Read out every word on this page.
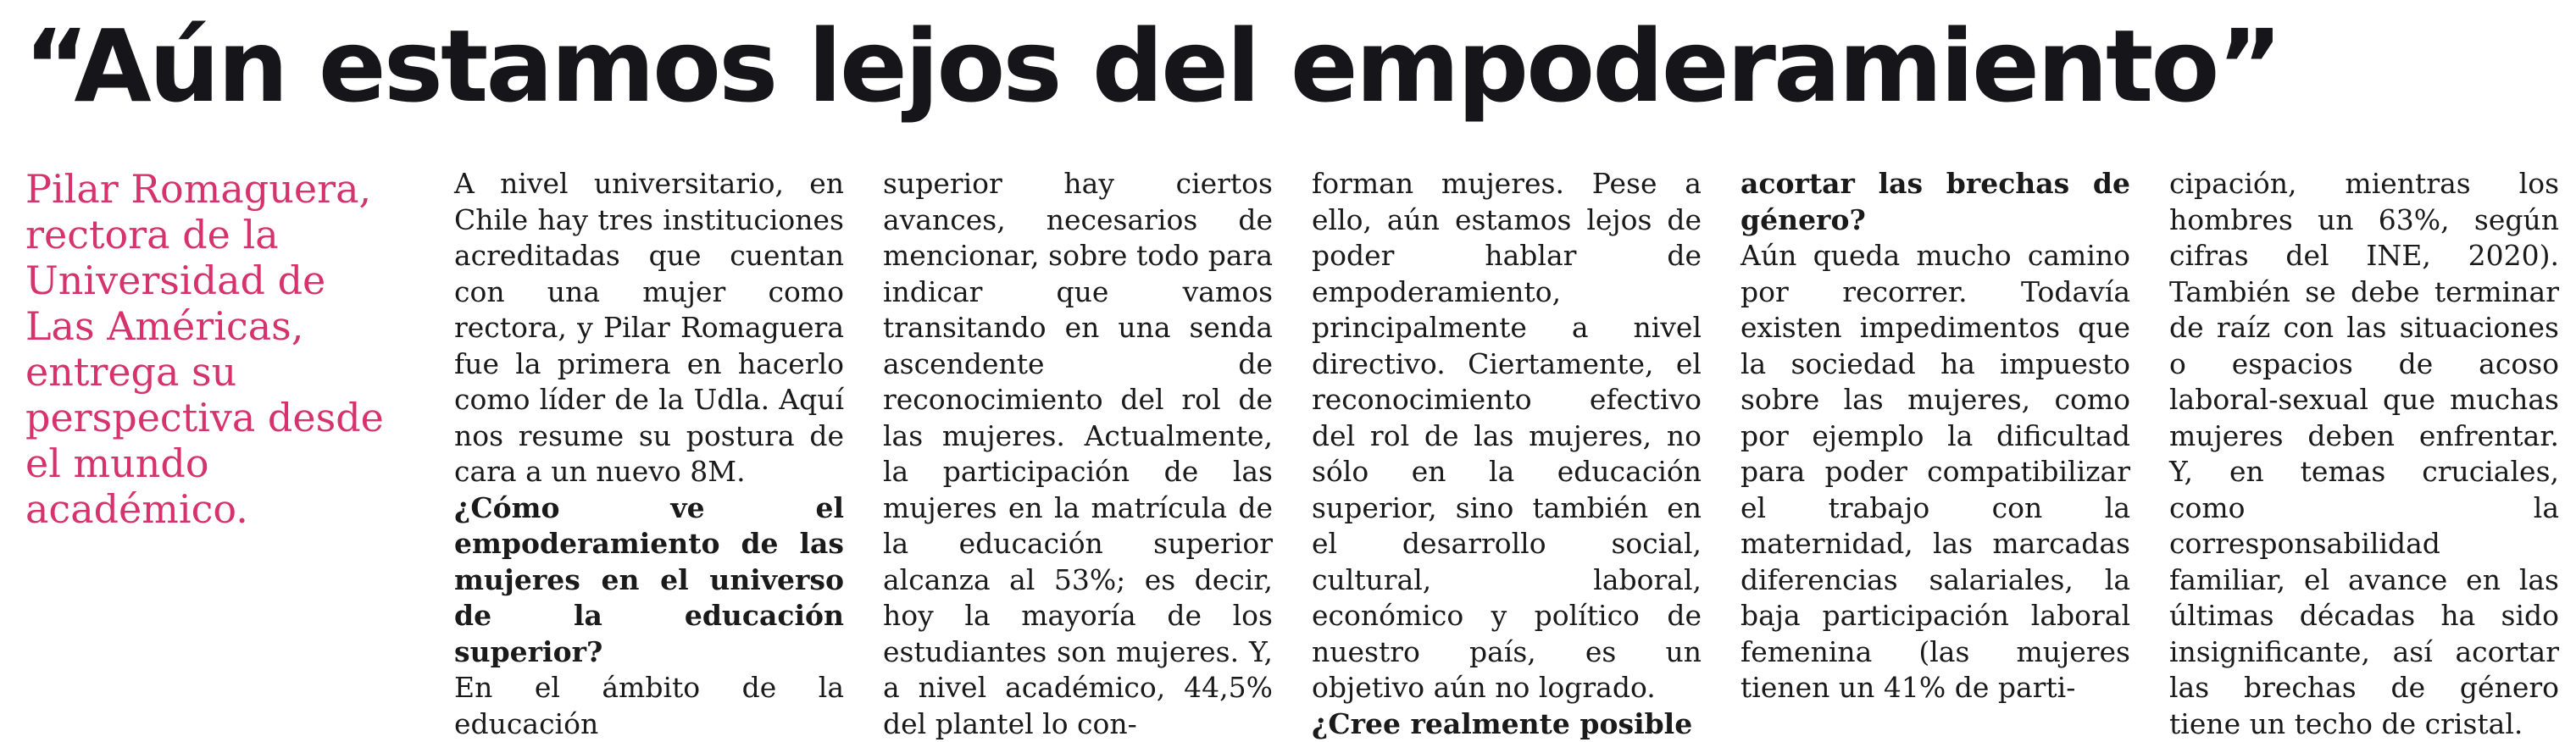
“Aún estamos lejos del empoderamiento”

Pilar Romaguera, rectora de la Universidad de Las Américas, entrega su perspectiva desde el mundo académico.

A nivel universitario, en Chile hay tres instituciones acreditadas que cuentan con una mujer como rectora, y Pilar Romaguera fue la primera en hacerlo como líder de la Udla. Aquí nos resume su postura de cara a un nuevo 8M.

¿Cómo ve el empoderamiento de las mujeres en el universo de la educación superior?

En el ámbito de la educación

superior hay ciertos avances, necesarios de mencionar, sobre todo para indicar que vamos transitando en una senda ascendente de reconocimiento del rol de las mujeres. Actualmente, la participación de las mujeres en la matrícula de la educación superior alcanza al 53%; es decir, hoy la mayoría de los estudiantes son mujeres. Y, a nivel académico, 44,5% del plantel lo con-

forman mujeres. Pese a ello, aún estamos lejos de poder hablar de empoderamiento, principalmente a nivel directivo. Ciertamente, el reconocimiento efectivo del rol de las mujeres, no sólo en la educación superior, sino también en el desarrollo social, cultural, laboral, económico y político de nuestro país, es un objetivo aún no logrado.

¿Cree realmente posible

acortar las brechas de género?

Aún queda mucho camino por recorrer. Todavía existen impedimentos que la sociedad ha impuesto sobre las mujeres, como por ejemplo la dificultad para poder compatibilizar el trabajo con la maternidad, las marcadas diferencias salariales, la baja participación laboral femenina (las mujeres tienen un 41% de parti-

cipación, mientras los hombres un 63%, según cifras del INE, 2020). También se debe terminar de raíz con las situaciones o espacios de acoso laboral-sexual que muchas mujeres deben enfrentar. Y, en temas cruciales, como la corresponsabilidad familiar, el avance en las últimas décadas ha sido insignificante, así acortar las brechas de género tiene un techo de cristal.
